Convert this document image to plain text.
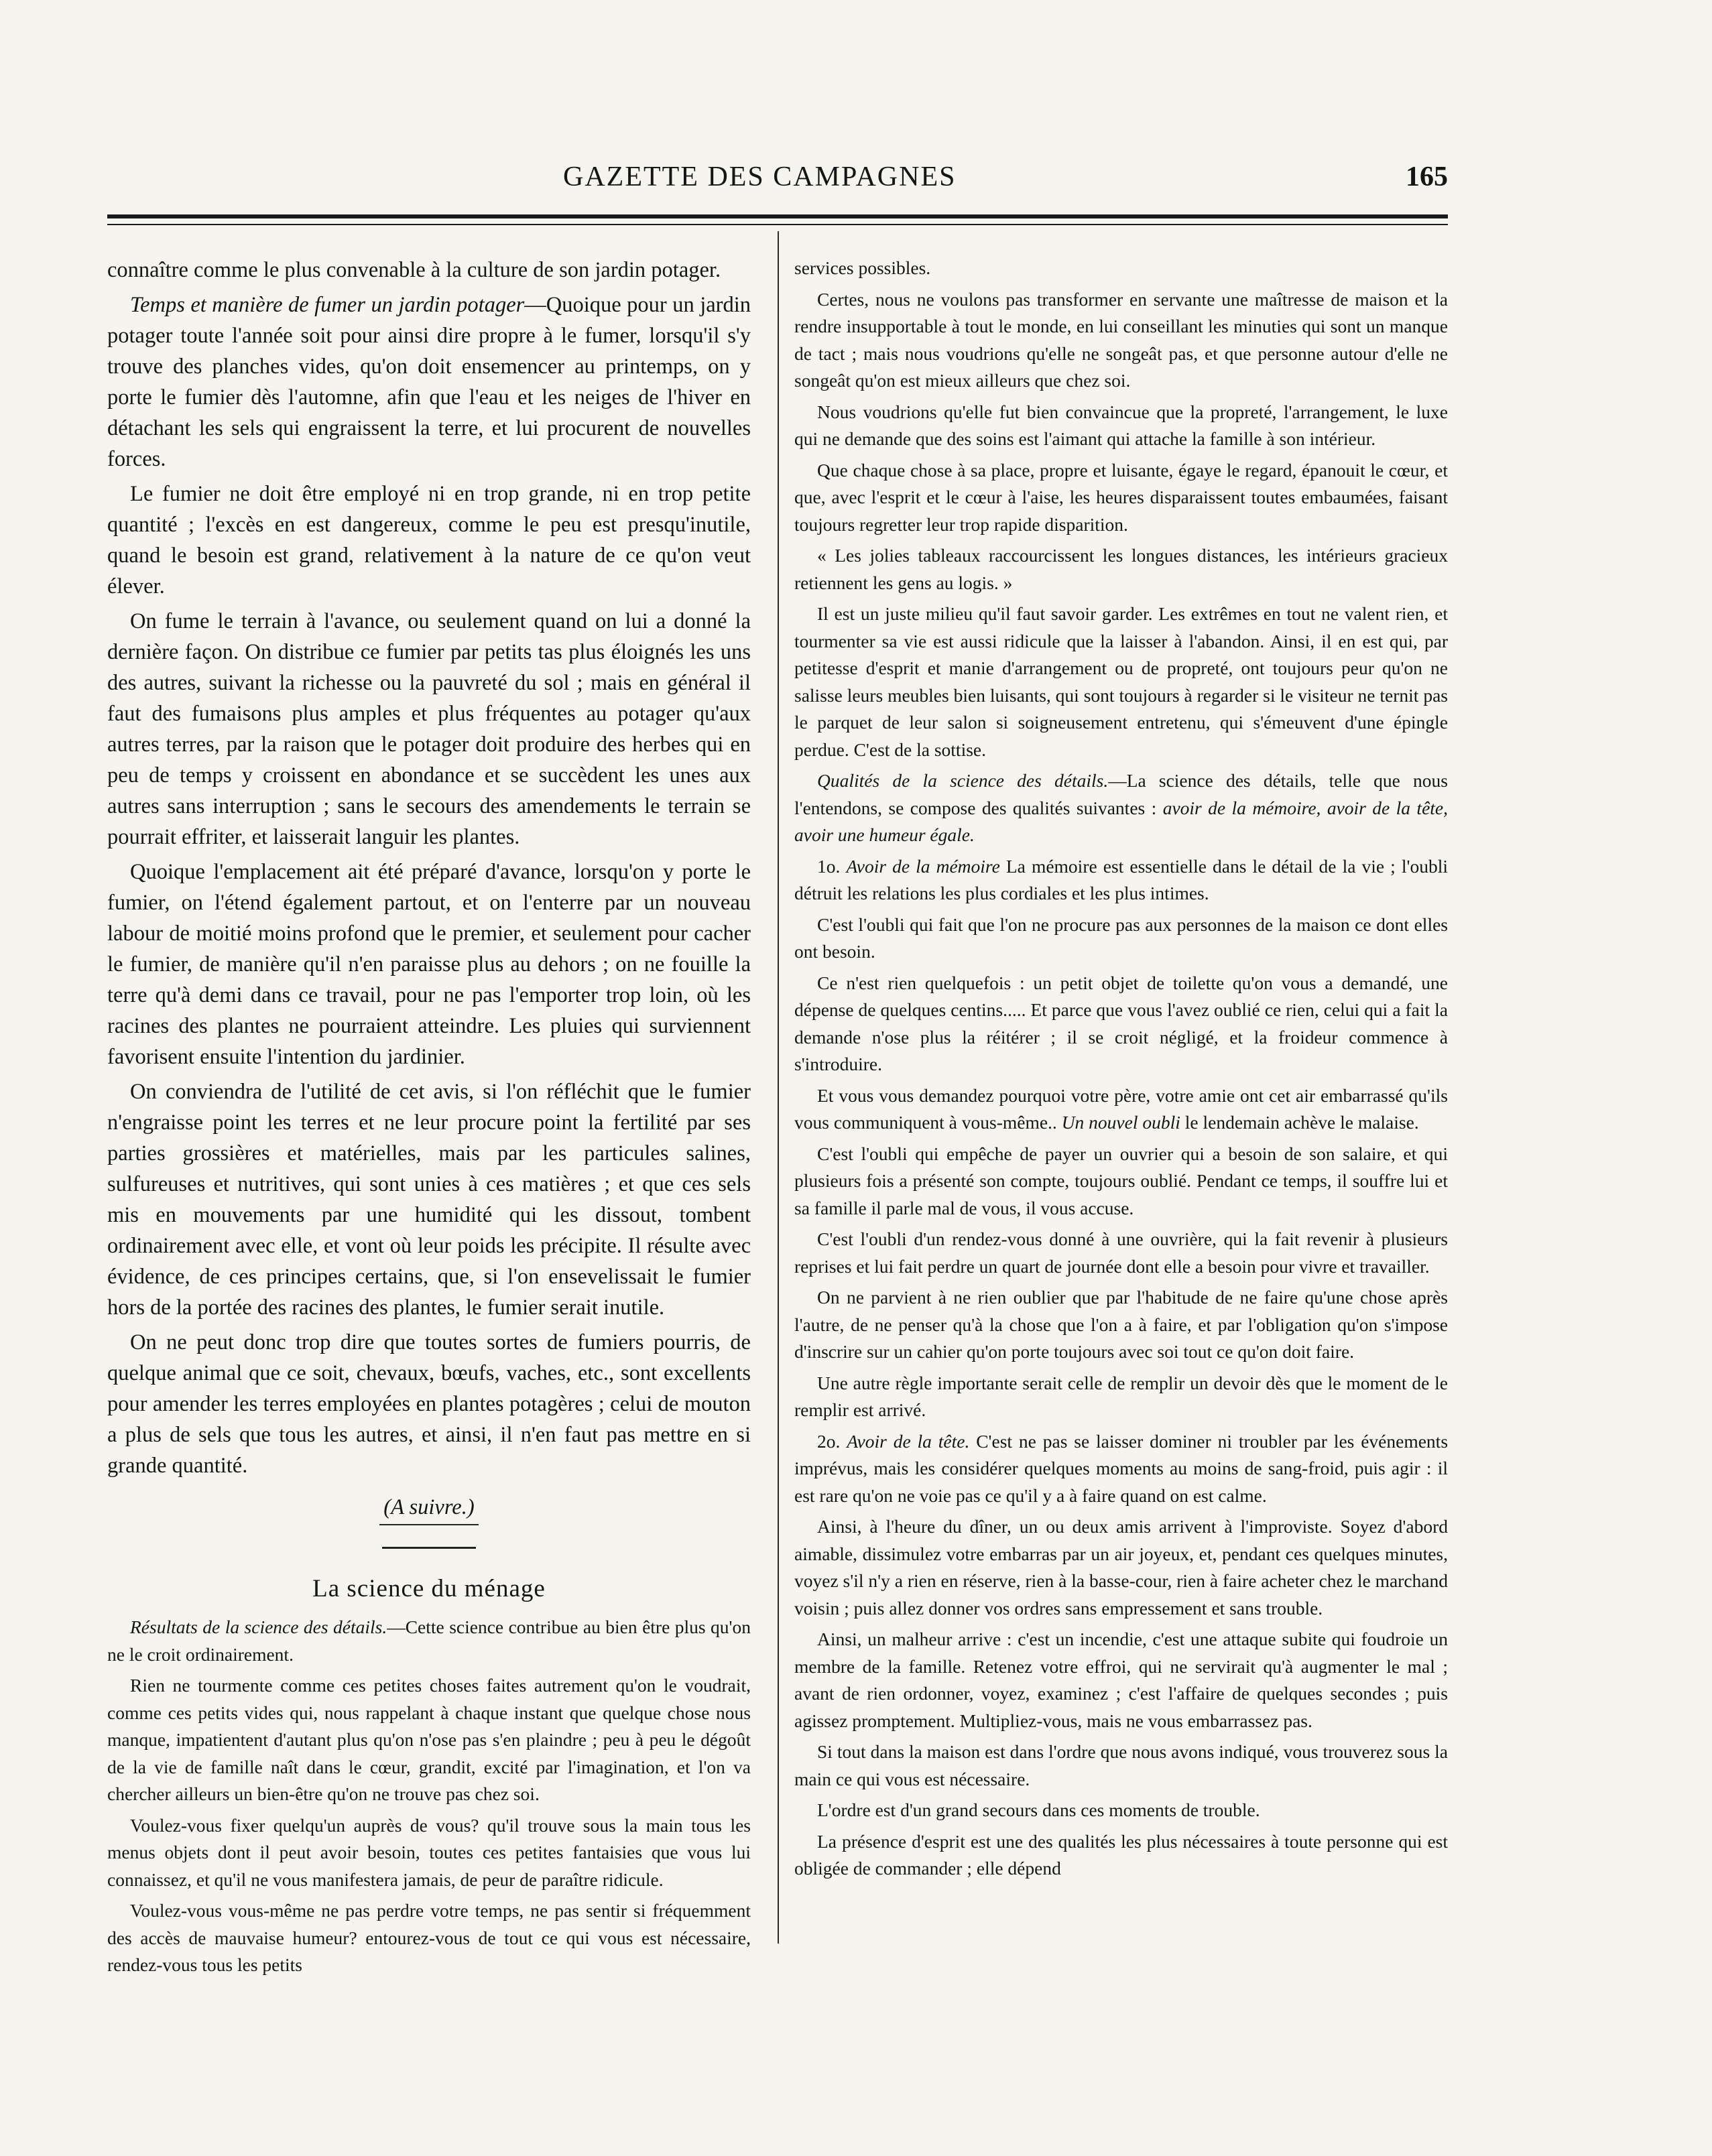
GAZETTE DES CAMPAGNES	165

connaître comme le plus convenable à la culture de son jardin potager.

Temps et manière de fumer un jardin potager—Quoique pour un jardin potager toute l'année soit pour ainsi dire propre à le fumer, lorsqu'il s'y trouve des planches vides, qu'on doit ensemencer au printemps, on y porte le fumier dès l'automne, afin que l'eau et les neiges de l'hiver en détachant les sels qui engraissent la terre, et lui procurent de nouvelles forces.

Le fumier ne doit être employé ni en trop grande, ni en trop petite quantité ; l'excès en est dangereux, comme le peu est presqu'inutile, quand le besoin est grand, relativement à la nature de ce qu'on veut élever.

On fume le terrain à l'avance, ou seulement quand on lui a donné la dernière façon. On distribue ce fumier par petits tas plus éloignés les uns des autres, suivant la richesse ou la pauvreté du sol ; mais en général il faut des fumaisons plus amples et plus fréquentes au potager qu'aux autres terres, par la raison que le potager doit produire des herbes qui en peu de temps y croissent en abondance et se succèdent les unes aux autres sans interruption ; sans le secours des amendements le terrain se pourrait effriter, et laisserait languir les plantes.

Quoique l'emplacement ait été préparé d'avance, lorsqu'on y porte le fumier, on l'étend également partout, et on l'enterre par un nouveau labour de moitié moins profond que le premier, et seulement pour cacher le fumier, de manière qu'il n'en paraisse plus au dehors ; on ne fouille la terre qu'à demi dans ce travail, pour ne pas l'emporter trop loin, où les racines des plantes ne pourraient atteindre. Les pluies qui surviennent favorisent ensuite l'intention du jardinier.

On conviendra de l'utilité de cet avis, si l'on réfléchit que le fumier n'engraisse point les terres et ne leur procure point la fertilité par ses parties grossières et matérielles, mais par les particules salines, sulfureuses et nutritives, qui sont unies à ces matières ; et que ces sels mis en mouvements par une humidité qui les dissout, tombent ordinairement avec elle, et vont où leur poids les précipite. Il résulte avec évidence, de ces principes certains, que, si l'on ensevelissait le fumier hors de la portée des racines des plantes, le fumier serait inutile.

On ne peut donc trop dire que toutes sortes de fumiers pourris, de quelque animal que ce soit, chevaux, bœufs, vaches, etc., sont excellents pour amender les terres employées en plantes potagères ; celui de mouton a plus de sels que tous les autres, et ainsi, il n'en faut pas mettre en si grande quantité.

(A suivre.)
La science du ménage

Résultats de la science des détails.—Cette science contribue au bien être plus qu'on ne le croit ordinairement.

Rien ne tourmente comme ces petites choses faites autrement qu'on le voudrait, comme ces petits vides qui, nous rappelant à chaque instant que quelque chose nous manque, impatientent d'autant plus qu'on n'ose pas s'en plaindre ; peu à peu le dégoût de la vie de famille naît dans le cœur, grandit, excité par l'imagination, et l'on va chercher ailleurs un bien-être qu'on ne trouve pas chez soi.

Voulez-vous fixer quelqu'un auprès de vous? qu'il trouve sous la main tous les menus objets dont il peut avoir besoin, toutes ces petites fantaisies que vous lui connaissez, et qu'il ne vous manifestera jamais, de peur de paraître ridicule.

Voulez-vous vous-même ne pas perdre votre temps, ne pas sentir si fréquemment des accès de mauvaise humeur? entourez-vous de tout ce qui vous est nécessaire, rendez-vous tous les petits

services possibles.

Certes, nous ne voulons pas transformer en servante une maîtresse de maison et la rendre insupportable à tout le monde, en lui conseillant les minuties qui sont un manque de tact ; mais nous voudrions qu'elle ne songeât pas, et que personne autour d'elle ne songeât qu'on est mieux ailleurs que chez soi.

Nous voudrions qu'elle fut bien convaincue que la propreté, l'arrangement, le luxe qui ne demande que des soins est l'aimant qui attache la famille à son intérieur.

Que chaque chose à sa place, propre et luisante, égaye le regard, épanouit le cœur, et que, avec l'esprit et le cœur à l'aise, les heures disparaissent toutes embaumées, faisant toujours regretter leur trop rapide disparition.

« Les jolies tableaux raccourcissent les longues distances, les intérieurs gracieux retiennent les gens au logis. »

Il est un juste milieu qu'il faut savoir garder. Les extrêmes en tout ne valent rien, et tourmenter sa vie est aussi ridicule que la laisser à l'abandon. Ainsi, il en est qui, par petitesse d'esprit et manie d'arrangement ou de propreté, ont toujours peur qu'on ne salisse leurs meubles bien luisants, qui sont toujours à regarder si le visiteur ne ternit pas le parquet de leur salon si soigneusement entretenu, qui s'émeuvent d'une épingle perdue. C'est de la sottise.

Qualités de la science des détails.—La science des détails, telle que nous l'entendons, se compose des qualités suivantes : avoir de la mémoire, avoir de la tête, avoir une humeur égale.

1o. Avoir de la mémoire La mémoire est essentielle dans le détail de la vie ; l'oubli détruit les relations les plus cordiales et les plus intimes.

C'est l'oubli qui fait que l'on ne procure pas aux personnes de la maison ce dont elles ont besoin.

Ce n'est rien quelquefois : un petit objet de toilette qu'on vous a demandé, une dépense de quelques centins..... Et parce que vous l'avez oublié ce rien, celui qui a fait la demande n'ose plus la réitérer ; il se croit négligé, et la froideur commence à s'introduire.

Et vous vous demandez pourquoi votre père, votre amie ont cet air embarrassé qu'ils vous communiquent à vous-même.. Un nouvel oubli le lendemain achève le malaise.

C'est l'oubli qui empêche de payer un ouvrier qui a besoin de son salaire, et qui plusieurs fois a présenté son compte, toujours oublié. Pendant ce temps, il souffre lui et sa famille il parle mal de vous, il vous accuse.

C'est l'oubli d'un rendez-vous donné à une ouvrière, qui la fait revenir à plusieurs reprises et lui fait perdre un quart de journée dont elle a besoin pour vivre et travailler.

On ne parvient à ne rien oublier que par l'habitude de ne faire qu'une chose après l'autre, de ne penser qu'à la chose que l'on a à faire, et par l'obligation qu'on s'impose d'inscrire sur un cahier qu'on porte toujours avec soi tout ce qu'on doit faire.

Une autre règle importante serait celle de remplir un devoir dès que le moment de le remplir est arrivé.

2o. Avoir de la tête. C'est ne pas se laisser dominer ni troubler par les événements imprévus, mais les considérer quelques moments au moins de sang-froid, puis agir : il est rare qu'on ne voie pas ce qu'il y a à faire quand on est calme.

Ainsi, à l'heure du dîner, un ou deux amis arrivent à l'improviste. Soyez d'abord aimable, dissimulez votre embarras par un air joyeux, et, pendant ces quelques minutes, voyez s'il n'y a rien en réserve, rien à la basse-cour, rien à faire acheter chez le marchand voisin ; puis allez donner vos ordres sans empressement et sans trouble.

Ainsi, un malheur arrive : c'est un incendie, c'est une attaque subite qui foudroie un membre de la famille. Retenez votre effroi, qui ne servirait qu'à augmenter le mal ; avant de rien ordonner, voyez, examinez ; c'est l'affaire de quelques secondes ; puis agissez promptement. Multipliez-vous, mais ne vous embarrassez pas.

Si tout dans la maison est dans l'ordre que nous avons indiqué, vous trouverez sous la main ce qui vous est nécessaire.

L'ordre est d'un grand secours dans ces moments de trouble.

La présence d'esprit est une des qualités les plus nécessaires à toute personne qui est obligée de commander ; elle dépend
